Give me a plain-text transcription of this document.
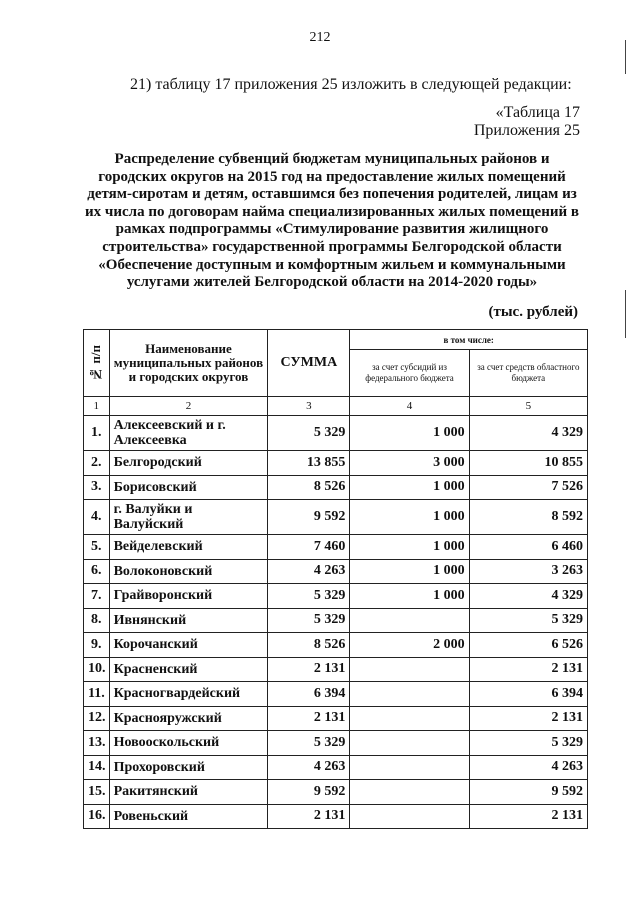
212
21) таблицу 17 приложения 25 изложить в следующей редакции:
«Таблица 17
Приложения 25
Распределение субвенций бюджетам муниципальных районов и
городских округов на 2015 год на предоставление жилых помещений
детям-сиротам и детям, оставшимся без попечения родителей, лицам из
их числа по договорам найма специализированных жилых помещений в
рамках подпрограммы «Стимулирование развития жилищного
строительства» государственной программы Белгородской области
«Обеспечение доступным и комфортным жильем и коммунальными
услугами жителей Белгородской области на 2014-2020 годы»
(тыс. рублей)
№ п/п	Наименование муниципальных районов и городских округов	СУММА	в том числе:	
			за счет субсидий из федерального бюджета	за счет средств областного бюджета
1	2	3	4	5
1.	Алексеевский и г. Алексеевка	5 329	1 000	4 329
2.	Белгородский	13 855	3 000	10 855
3.	Борисовский	8 526	1 000	7 526
4.	г. Валуйки и Валуйский	9 592	1 000	8 592
5.	Вейделевский	7 460	1 000	6 460
6.	Волоконовский	4 263	1 000	3 263
7.	Грайворонский	5 329	1 000	4 329
8.	Ивнянский	5 329		5 329
9.	Корочанский	8 526	2 000	6 526
10.	Красненский	2 131		2 131
11.	Красногвардейский	6 394		6 394
12.	Краснояружский	2 131		2 131
13.	Новооскольский	5 329		5 329
14.	Прохоровский	4 263		4 263
15.	Ракитянский	9 592		9 592
16.	Ровеньский	2 131		2 131
